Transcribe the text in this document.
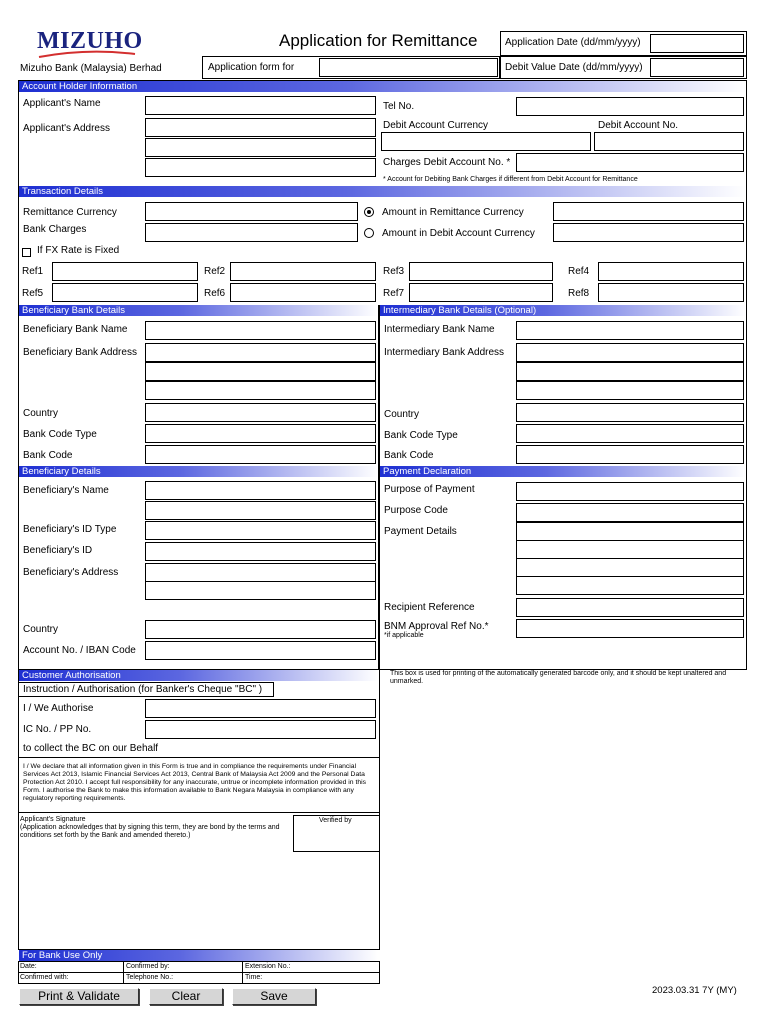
MIZUHO
Mizuho Bank (Malaysia) Berhad
Application for Remittance	Application Date (dd/mm/yyyy)
Debit Value Date (dd/mm/yyyy)
Application form for
Account Holder Information
Applicant's Name
Applicant's Address
Tel No.
Debit Account Currency	Debit Account No.
Charges Debit Account No. *
* Account for Debiting Bank Charges if different from Debit Account for Remittance
Transaction Details
Remittance Currency
Bank Charges
If FX Rate is Fixed
Amount in Remittance Currency
Amount in Debit Account Currency
Ref1	Ref2	Ref3	Ref4
Ref5	Ref6	Ref7	Ref8
Beneficiary Bank Details	Intermediary Bank Details (Optional)
Beneficiary Bank Name
Beneficiary Bank Address
Country
Bank Code Type
Bank Code
Intermediary Bank Name
Intermediary Bank Address
Country
Bank Code Type
Bank Code
Beneficiary Details	Payment Declaration
Beneficiary's Name
Beneficiary's ID Type
Beneficiary's ID
Beneficiary's Address
Country
Account No. / IBAN Code
Purpose of Payment
Purpose Code
Payment Details
Recipient Reference
BNM Approval Ref No.*
*if applicable
Customer Authorisation
Instruction / Authorisation (for Banker's Cheque "BC" )
I / We Authorise
IC No. / PP No.
to collect the BC on our Behalf
I / We declare that all information given in this Form is true and in compliance the requirements under Financial Services Act 2013, Islamic Financial Services Act 2013, Central Bank of Malaysia Act 2009 and the Personal Data Protection Act 2010. I accept full responsibility for any inaccurate, untrue or incomplete information provided in this Form. I authorise the Bank to make this information available to Bank Negara Malaysia in compliance with any regulatory reporting requirements.
Applicant's Signature
(Application acknowledges that by signing this term, they are bond by the terms and conditions set forth by the Bank and amended thereto.)
Verified by
This box is used for printing of the automatically generated barcode only, and it should be kept unaltered and unmarked.
For Bank Use Only
Date:	Confirmed by:	Extension No.:
Confirmed with:	Telephone No.:	Time:
Print & Validate	Clear	Save	2023.03.31 7Y (MY)
